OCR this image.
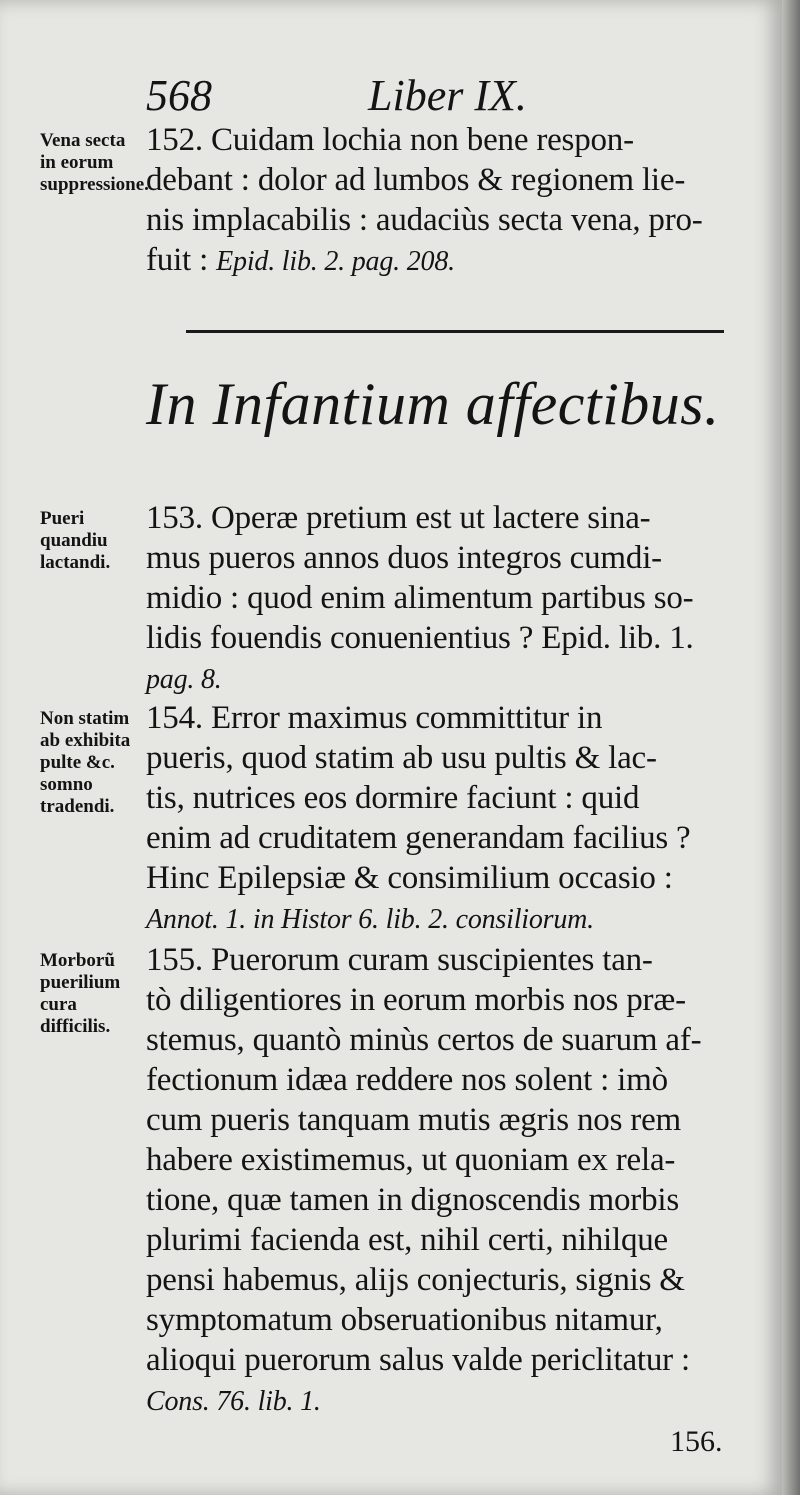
568	Liber IX.
Vena secta in eorum suppressione.
152. Cuidam lochia non bene respon-
debant : dolor ad lumbos & regionem lie-
nis implacabilis : audaciùs secta vena, pro-
fuit : Epid. lib. 2. pag. 208.
In Infantium affectibus.
Pueri quandiu lactandi.
153. Operæ pretium est ut lactere sina-
mus pueros annos duos integros cumdi-
midio : quod enim alimentum partibus so-
lidis fouendis conuenientius ? Epid. lib. 1.
pag. 8.
Non statim ab exhibita pulte &c. somno tradendi.
154. Error maximus committitur in
pueris, quod statim ab usu pultis & lac-
tis, nutrices eos dormire faciunt : quid
enim ad cruditatem generandam facilius ?
Hinc Epilepsiæ & consimilium occasio :
Annot. 1. in Histor 6. lib. 2. consiliorum.
Morborũ puerilium cura difficilis.
155. Puerorum curam suscipientes tan-
tò diligentiores in eorum morbis nos præ-
stemus, quantò minùs certos de suarum af-
fectionum idæa reddere nos solent : imò
cum pueris tanquam mutis ægris nos rem
habere existimemus, ut quoniam ex rela-
tione, quæ tamen in dignoscendis morbis
plurimi facienda est, nihil certi, nihilque
pensi habemus, alijs conjecturis, signis &
symptomatum obseruationibus nitamur,
alioqui puerorum salus valde periclitatur :
Cons. 76. lib. 1.
156.
